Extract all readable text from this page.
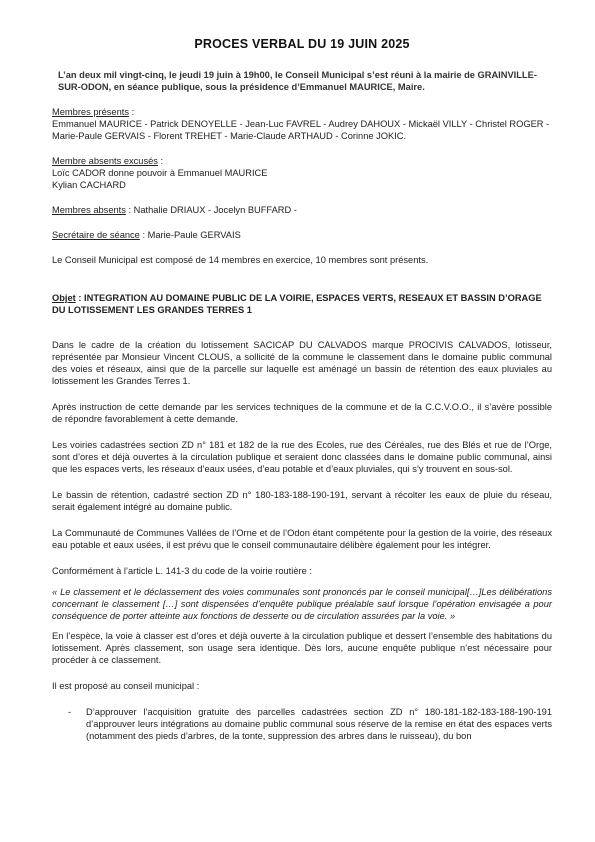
PROCES VERBAL DU 19 JUIN 2025

L’an deux mil vingt-cinq, le jeudi 19 juin à 19h00, le Conseil Municipal s’est réuni à la mairie de GRAINVILLE-SUR-ODON, en séance publique, sous la présidence d’Emmanuel MAURICE, Maire.

Membres présents :

Emmanuel MAURICE - Patrick DENOYELLE - Jean-Luc FAVREL - Audrey DAHOUX - Mickaël VILLY - Christel ROGER - Marie-Paule GERVAIS - Florent TREHET - Marie-Claude ARTHAUD - Corinne JOKIC.

Membre absents excusés :

Loïc CADOR donne pouvoir à Emmanuel MAURICE

Kylian CACHARD

Membres absents : Nathalie DRIAUX - Jocelyn BUFFARD -

Secrétaire de séance : Marie-Paule GERVAIS

Le Conseil Municipal est composé de 14 membres en exercice, 10 membres sont présents.

Objet : INTEGRATION AU DOMAINE PUBLIC DE LA VOIRIE, ESPACES VERTS, RESEAUX ET BASSIN D’ORAGE DU LOTISSEMENT LES GRANDES TERRES 1

Dans le cadre de la création du lotissement SACICAP DU CALVADOS marque PROCIVIS CALVADOS, lotisseur, représentée par Monsieur Vincent CLOUS, a sollicité de la commune le classement dans le domaine public communal des voies et réseaux, ainsi que de la parcelle sur laquelle est aménagé un bassin de rétention des eaux pluviales au lotissement les Grandes Terres 1.

Après instruction de cette demande par les services techniques de la commune et de la C.C.V.O.O., il s’avère possible de répondre favorablement à cette demande.

Les voiries cadastrées section ZD n° 181 et 182 de la rue des Ecoles, rue des Céréales, rue des Blés et rue de l’Orge, sont d’ores et déjà ouvertes à la circulation publique et seraient donc classées dans le domaine public communal, ainsi que les espaces verts, les réseaux d’eaux usées, d’eau potable et d’eaux pluviales, qui s’y trouvent en sous-sol.

Le bassin de rétention, cadastré section ZD n° 180-183-188-190-191, servant à récolter les eaux de pluie du réseau, serait également intégré au domaine public.

La Communauté de Communes Vallées de l’Orne et de l’Odon étant compétente pour la gestion de la voirie, des réseaux eau potable et eaux usées, il est prévu que le conseil communautaire délibère également pour les intégrer.

Conformément à l’article L. 141-3 du code de la voirie routière :

« Le classement et le déclassement des voies communales sont prononcés par le conseil municipal[…]Les délibérations concernant le classement […] sont dispensées d’enquête publique préalable sauf lorsque l’opération envisagée a pour conséquence de porter atteinte aux fonctions de desserte ou de circulation assurées par la voie. »

En l’espèce, la voie à classer est d’ores et déjà ouverte à la circulation publique et dessert l’ensemble des habitations du lotissement. Après classement, son usage sera identique. Dès lors, aucune enquête publique n’est nécessaire pour procéder à ce classement.

Il est proposé au conseil municipal :

- D’approuver l’acquisition gratuite des parcelles cadastrées section ZD n° 180-181-182-183-188-190-191 d’approuver leurs intégrations au domaine public communal sous réserve de la remise en état des espaces verts (notamment des pieds d’arbres, de la tonte, suppression des arbres dans le ruisseau), du bon
